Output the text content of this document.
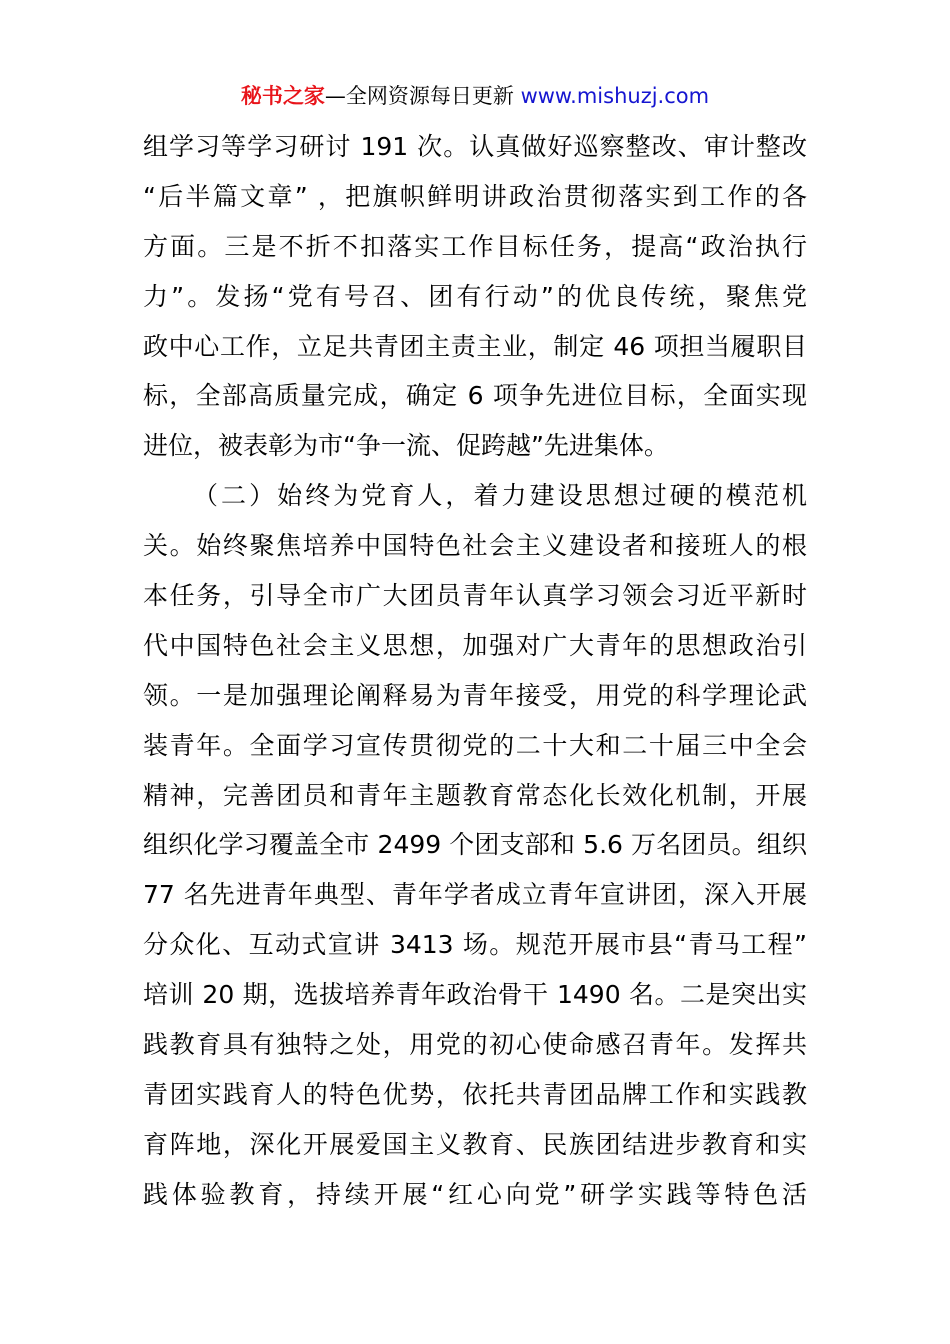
秘书之家—全网资源每日更新 www.mishuzj.com
组学习等学习研讨 191 次。认真做好巡察整改、审计整改
“后半篇文章” ，把旗帜鲜明讲政治贯彻落实到工作的各
方面。三是不折不扣落实工作目标任务，提高“政治执行
力”。发扬“党有号召、团有行动”的优良传统，聚焦党
政中心工作，立足共青团主责主业，制定 46 项担当履职目
标，全部高质量完成，确定 6 项争先进位目标，全面实现
进位，被表彰为市“争一流、促跨越”先进集体。
（二）始终为党育人，着力建设思想过硬的模范机
关。始终聚焦培养中国特色社会主义建设者和接班人的根
本任务，引导全市广大团员青年认真学习领会习近平新时
代中国特色社会主义思想，加强对广大青年的思想政治引
领。一是加强理论阐释易为青年接受，用党的科学理论武
装青年。全面学习宣传贯彻党的二十大和二十届三中全会
精神，完善团员和青年主题教育常态化长效化机制，开展
组织化学习覆盖全市 2499 个团支部和 5.6 万名团员。组织
77 名先进青年典型、青年学者成立青年宣讲团，深入开展
分众化、互动式宣讲 3413 场。规范开展市县“青马工程”
培训 20 期，选拔培养青年政治骨干 1490 名。二是突出实
践教育具有独特之处，用党的初心使命感召青年。发挥共
青团实践育人的特色优势，依托共青团品牌工作和实践教
育阵地，深化开展爱国主义教育、民族团结进步教育和实
践体验教育，持续开展“红心向党”研学实践等特色活
